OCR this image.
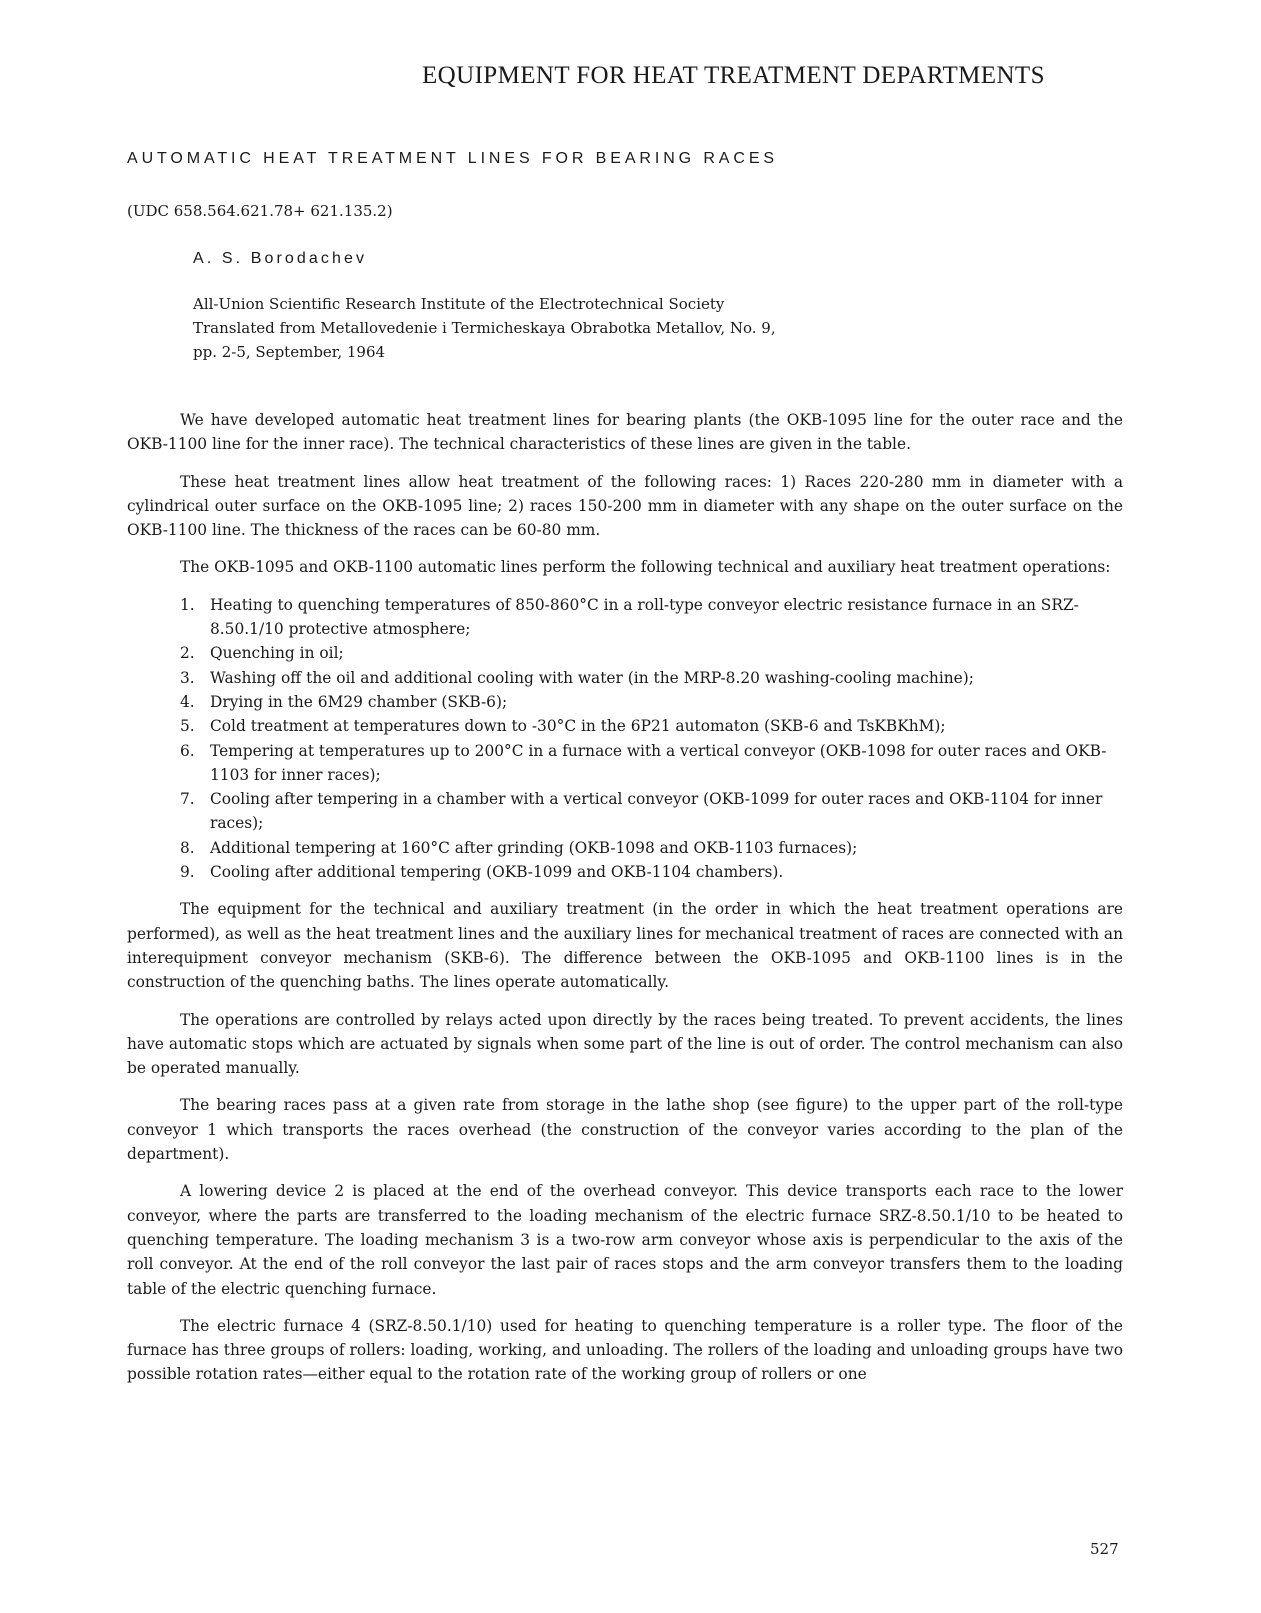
EQUIPMENT FOR HEAT TREATMENT DEPARTMENTS
AUTOMATIC HEAT TREATMENT LINES FOR BEARING RACES
(UDC 658.564.621.78+ 621.135.2)
A. S. Borodachev
All-Union Scientific Research Institute of the Electrotechnical Society
Translated from Metallovedenie i Termicheskaya Obrabotka Metallov, No. 9,
pp. 2-5, September, 1964

We have developed automatic heat treatment lines for bearing plants (the OKB-1095 line for the outer race and the OKB-1100 line for the inner race). The technical characteristics of these lines are given in the table.

These heat treatment lines allow heat treatment of the following races: 1) Races 220-280 mm in diameter with a cylindrical outer surface on the OKB-1095 line; 2) races 150-200 mm in diameter with any shape on the outer surface on the OKB-1100 line. The thickness of the races can be 60-80 mm.

The OKB-1095 and OKB-1100 automatic lines perform the following technical and auxiliary heat treatment operations:

1. Heating to quenching temperatures of 850-860°C in a roll-type conveyor electric resistance furnace in an SRZ-8.50.1/10 protective atmosphere;
2. Quenching in oil;
3. Washing off the oil and additional cooling with water (in the MRP-8.20 washing-cooling machine);
4. Drying in the 6M29 chamber (SKB-6);
5. Cold treatment at temperatures down to -30°C in the 6P21 automaton (SKB-6 and TsKBKhM);
6. Tempering at temperatures up to 200°C in a furnace with a vertical conveyor (OKB-1098 for outer races and OKB-1103 for inner races);
7. Cooling after tempering in a chamber with a vertical conveyor (OKB-1099 for outer races and OKB-1104 for inner races);
8. Additional tempering at 160°C after grinding (OKB-1098 and OKB-1103 furnaces);
9. Cooling after additional tempering (OKB-1099 and OKB-1104 chambers).

The equipment for the technical and auxiliary treatment (in the order in which the heat treatment operations are performed), as well as the heat treatment lines and the auxiliary lines for mechanical treatment of races are connected with an interequipment conveyor mechanism (SKB-6). The difference between the OKB-1095 and OKB-1100 lines is in the construction of the quenching baths. The lines operate automatically.

The operations are controlled by relays acted upon directly by the races being treated. To prevent accidents, the lines have automatic stops which are actuated by signals when some part of the line is out of order. The control mechanism can also be operated manually.

The bearing races pass at a given rate from storage in the lathe shop (see figure) to the upper part of the roll-type conveyor 1 which transports the races overhead (the construction of the conveyor varies according to the plan of the department).

A lowering device 2 is placed at the end of the overhead conveyor. This device transports each race to the lower conveyor, where the parts are transferred to the loading mechanism of the electric furnace SRZ-8.50.1/10 to be heated to quenching temperature. The loading mechanism 3 is a two-row arm conveyor whose axis is perpendicular to the axis of the roll conveyor. At the end of the roll conveyor the last pair of races stops and the arm conveyor transfers them to the loading table of the electric quenching furnace.

The electric furnace 4 (SRZ-8.50.1/10) used for heating to quenching temperature is a roller type. The floor of the furnace has three groups of rollers: loading, working, and unloading. The rollers of the loading and unloading groups have two possible rotation rates—either equal to the rotation rate of the working group of rollers or one

527
